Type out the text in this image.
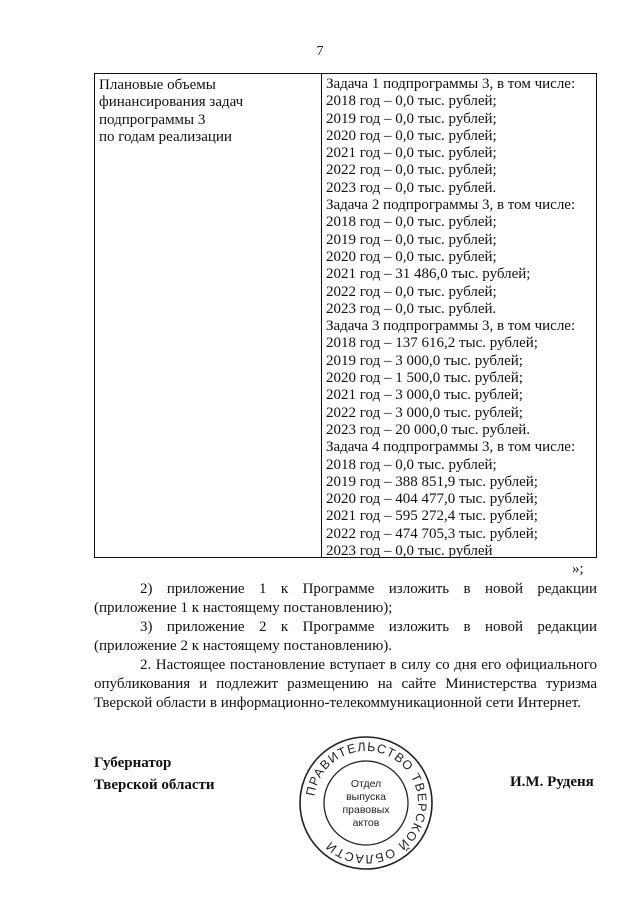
7
Плановые объемы
финансирования задач
подпрограммы 3
по годам реализации
Задача 1 подпрограммы 3, в том числе:
2018 год – 0,0 тыс. рублей;
2019 год – 0,0 тыс. рублей;
2020 год – 0,0 тыс. рублей;
2021 год – 0,0 тыс. рублей;
2022 год – 0,0 тыс. рублей;
2023 год – 0,0 тыс. рублей.
Задача 2 подпрограммы 3, в том числе:
2018 год – 0,0 тыс. рублей;
2019 год – 0,0 тыс. рублей;
2020 год – 0,0 тыс. рублей;
2021 год – 31 486,0 тыс. рублей;
2022 год – 0,0 тыс. рублей;
2023 год – 0,0 тыс. рублей.
Задача 3 подпрограммы 3, в том числе:
2018 год – 137 616,2 тыс. рублей;
2019 год – 3 000,0 тыс. рублей;
2020 год – 1 500,0 тыс. рублей;
2021 год – 3 000,0 тыс. рублей;
2022 год – 3 000,0 тыс. рублей;
2023 год – 20 000,0 тыс. рублей.
Задача 4 подпрограммы 3, в том числе:
2018 год – 0,0 тыс. рублей;
2019 год – 388 851,9 тыс. рублей;
2020 год – 404 477,0 тыс. рублей;
2021 год – 595 272,4 тыс. рублей;
2022 год – 474 705,3 тыс. рублей;
2023 год – 0,0 тыс. рублей
»;
2) приложение 1 к Программе изложить в новой редакции
(приложение 1 к настоящему постановлению);
3) приложение 2 к Программе изложить в новой редакции
(приложение 2 к настоящему постановлению).
2. Настоящее постановление вступает в силу со дня его официального
опубликования и подлежит размещению на сайте Министерства туризма
Тверской области в информационно-телекоммуникационной сети Интернет.
Губернатор
Тверской области	И.М. Руденя
ПРАВИТЕЛЬСТВО ТВЕРСКОЙ ОБЛАСТИ
Отдел
выпуска
правовых
актов
